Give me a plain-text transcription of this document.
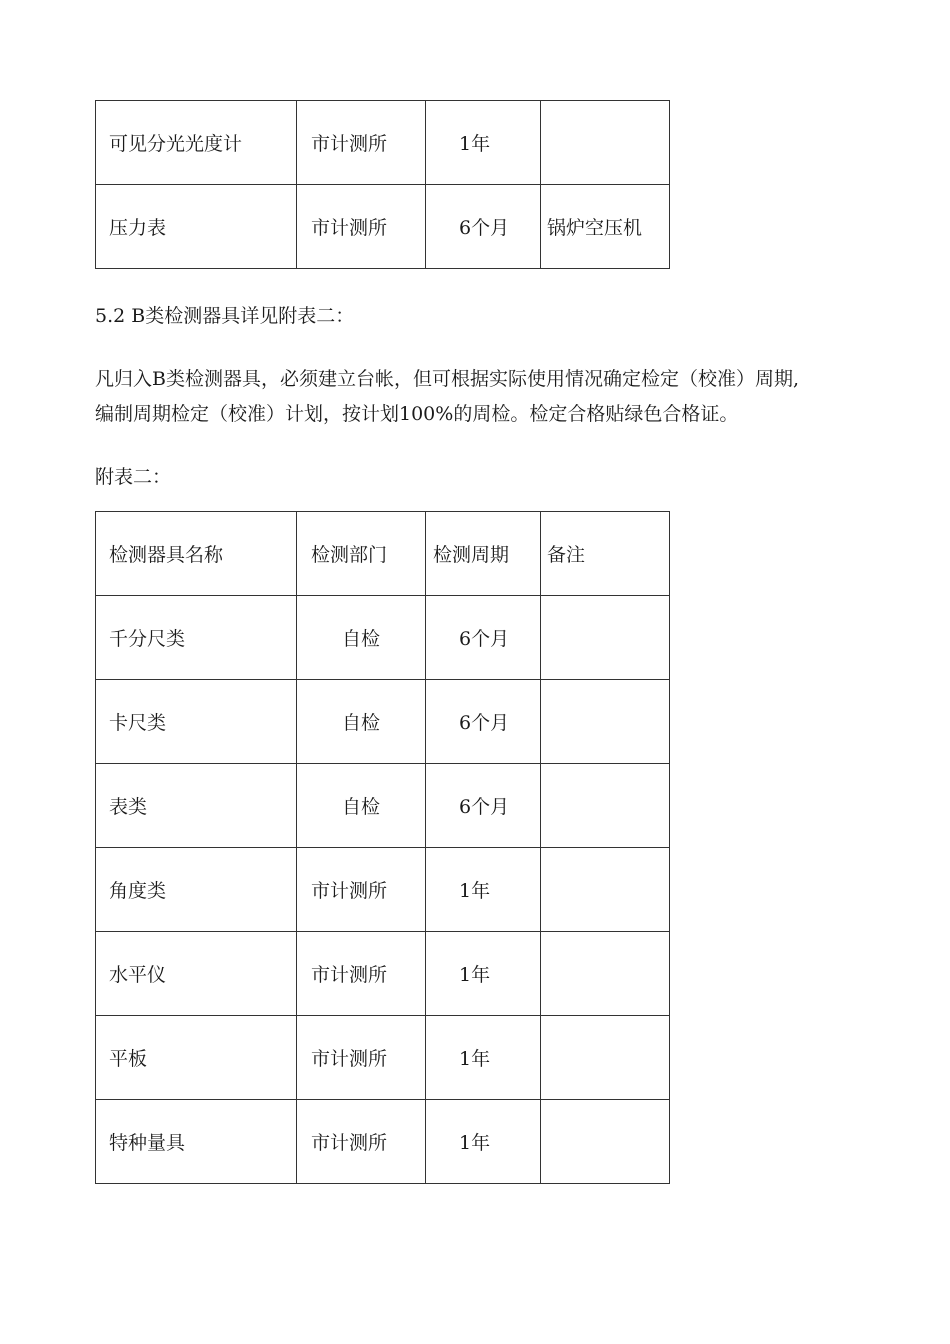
可见分光光度计	市计测所	1年	
压力表	市计测所	6个月	锅炉空压机

5.2 B类检测器具详见附表二：

凡归入B类检测器具，必须建立台帐，但可根据实际使用情况确定检定（校准）周期,

编制周期检定（校准）计划，按计划100%的周检。检定合格贴绿色合格证。

附表二：

检测器具名称	检测部门	检测周期	备注
千分尺类	自检	6个月	
卡尺类	自检	6个月	
表类	自检	6个月	
角度类	市计测所	1年	
水平仪	市计测所	1年	
平板	市计测所	1年	
特种量具	市计测所	1年	
